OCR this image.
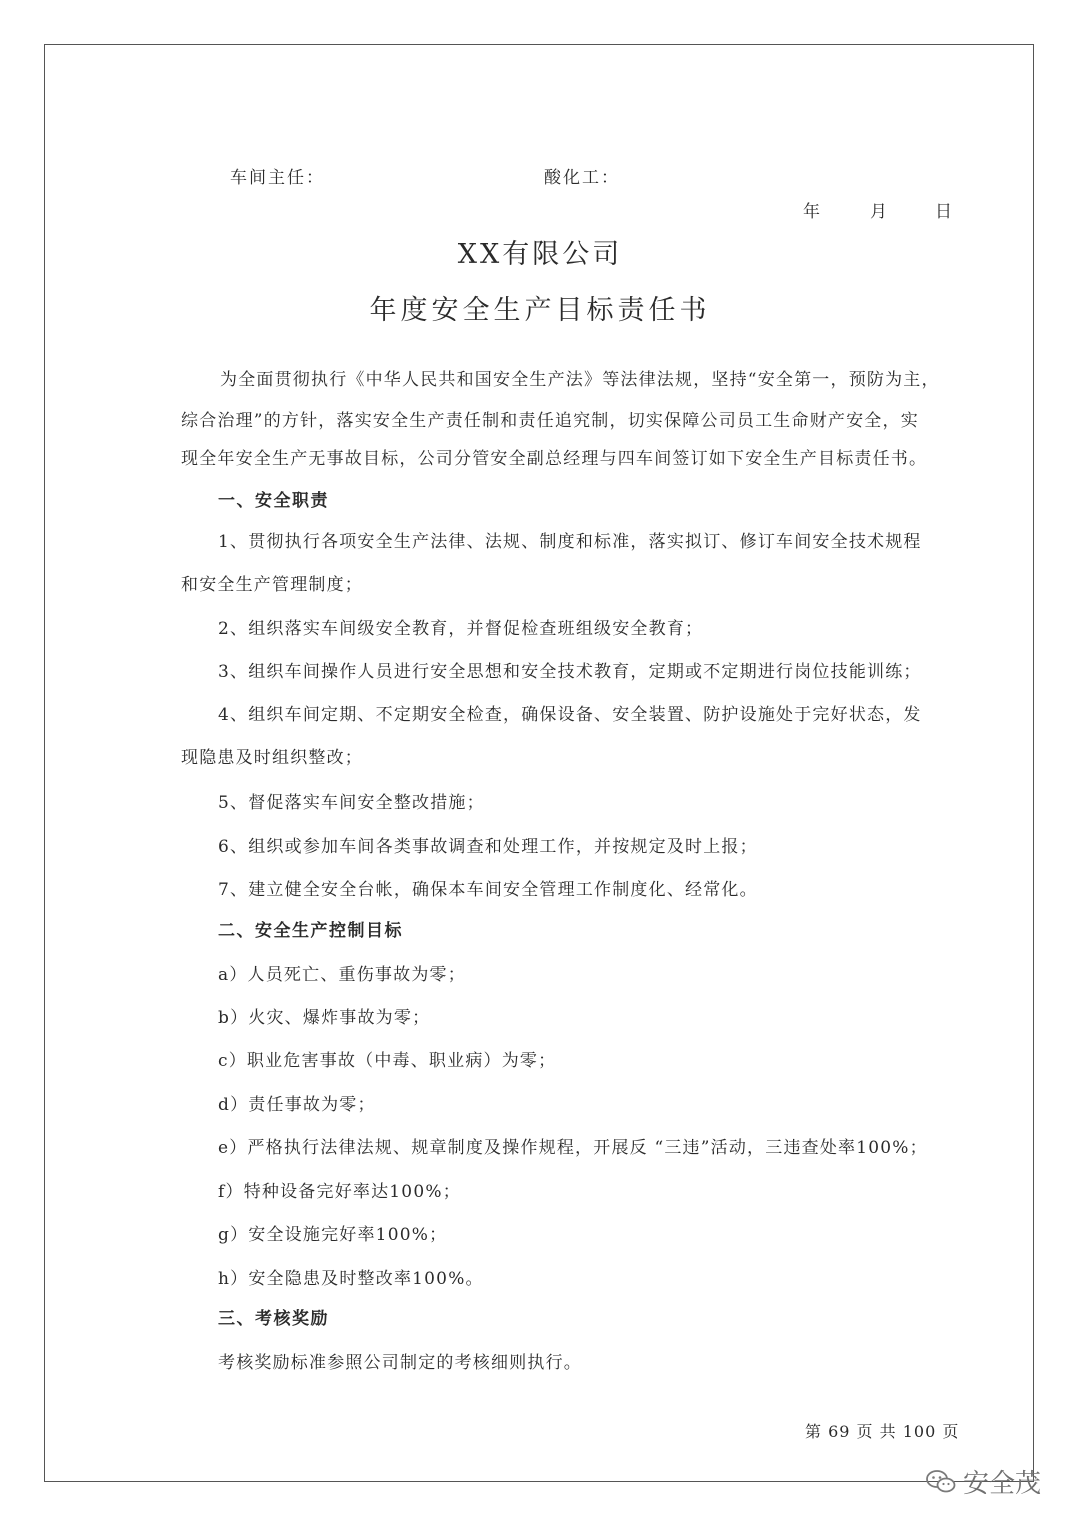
车间主任：	酸化工：
年	月	日
XX有限公司
年度安全生产目标责任书
为全面贯彻执行《中华人民共和国安全生产法》等法律法规，坚持“安全第一，预防为主，
综合治理”的方针，落实安全生产责任制和责任追究制，切实保障公司员工生命财产安全，实
现全年安全生产无事故目标，公司分管安全副总经理与四车间签订如下安全生产目标责任书。
一、安全职责
1、贯彻执行各项安全生产法律、法规、制度和标准，落实拟订、修订车间安全技术规程
和安全生产管理制度；
2、组织落实车间级安全教育，并督促检查班组级安全教育；
3、组织车间操作人员进行安全思想和安全技术教育，定期或不定期进行岗位技能训练；
4、组织车间定期、不定期安全检查，确保设备、安全装置、防护设施处于完好状态，发
现隐患及时组织整改；
5、督促落实车间安全整改措施；
6、组织或参加车间各类事故调查和处理工作，并按规定及时上报；
7、建立健全安全台帐，确保本车间安全管理工作制度化、经常化。
二、安全生产控制目标
a）人员死亡、重伤事故为零；
b）火灾、爆炸事故为零；
c）职业危害事故（中毒、职业病）为零；
d）责任事故为零；
e）严格执行法律法规、规章制度及操作规程，开展反 “三违”活动，三违查处率100%；
f）特种设备完好率达100%；
g）安全设施完好率100%；
h）安全隐患及时整改率100%。
三、考核奖励
考核奖励标准参照公司制定的考核细则执行。
第 69 页 共 100 页
安全茂
